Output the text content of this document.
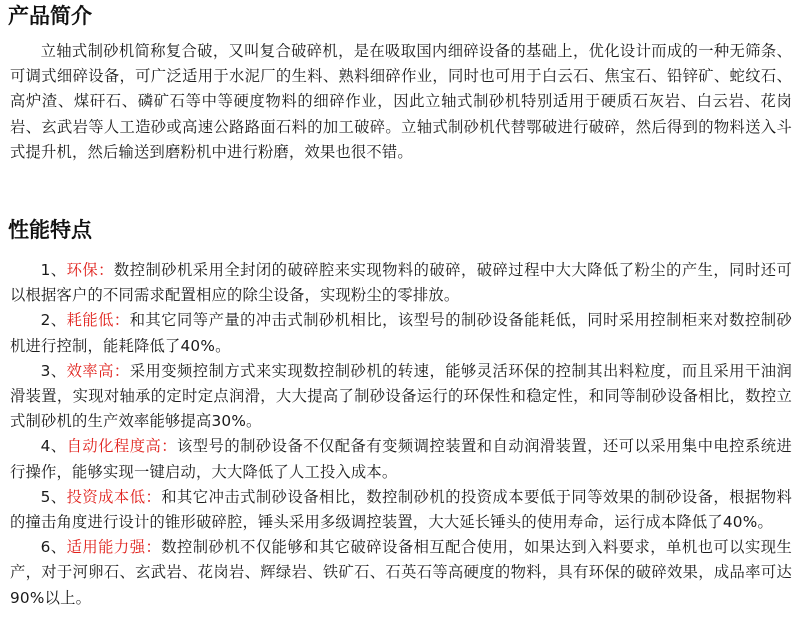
产品简介

立轴式制砂机简称复合破，又叫复合破碎机，是在吸取国内细碎设备的基础上，优化设计而成的一种无筛条、可调式细碎设备，可广泛适用于水泥厂的生料、熟料细碎作业，同时也可用于白云石、焦宝石、铅锌矿、蛇纹石、高炉渣、煤矸石、磷矿石等中等硬度物料的细碎作业，因此立轴式制砂机特别适用于硬质石灰岩、白云岩、花岗岩、玄武岩等人工造砂或高速公路路面石料的加工破碎。立轴式制砂机代替鄂破进行破碎，然后得到的物料送入斗式提升机，然后输送到磨粉机中进行粉磨，效果也很不错。

性能特点

1、环保：数控制砂机采用全封闭的破碎腔来实现物料的破碎，破碎过程中大大降低了粉尘的产生，同时还可以根据客户的不同需求配置相应的除尘设备，实现粉尘的零排放。

2、耗能低：和其它同等产量的冲击式制砂机相比，该型号的制砂设备能耗低，同时采用控制柜来对数控制砂机进行控制，能耗降低了40%。

3、效率高：采用变频控制方式来实现数控制砂机的转速，能够灵活环保的控制其出料粒度，而且采用干油润滑装置，实现对轴承的定时定点润滑，大大提高了制砂设备运行的环保性和稳定性，和同等制砂设备相比，数控立式制砂机的生产效率能够提高30%。

4、自动化程度高：该型号的制砂设备不仅配备有变频调控装置和自动润滑装置，还可以采用集中电控系统进行操作，能够实现一键启动，大大降低了人工投入成本。

5、投资成本低：和其它冲击式制砂设备相比，数控制砂机的投资成本要低于同等效果的制砂设备，根据物料的撞击角度进行设计的锥形破碎腔，锤头采用多级调控装置，大大延长锤头的使用寿命，运行成本降低了40%。

6、适用能力强：数控制砂机不仅能够和其它破碎设备相互配合使用，如果达到入料要求，单机也可以实现生产，对于河卵石、玄武岩、花岗岩、辉绿岩、铁矿石、石英石等高硬度的物料，具有环保的破碎效果，成品率可达90%以上。
